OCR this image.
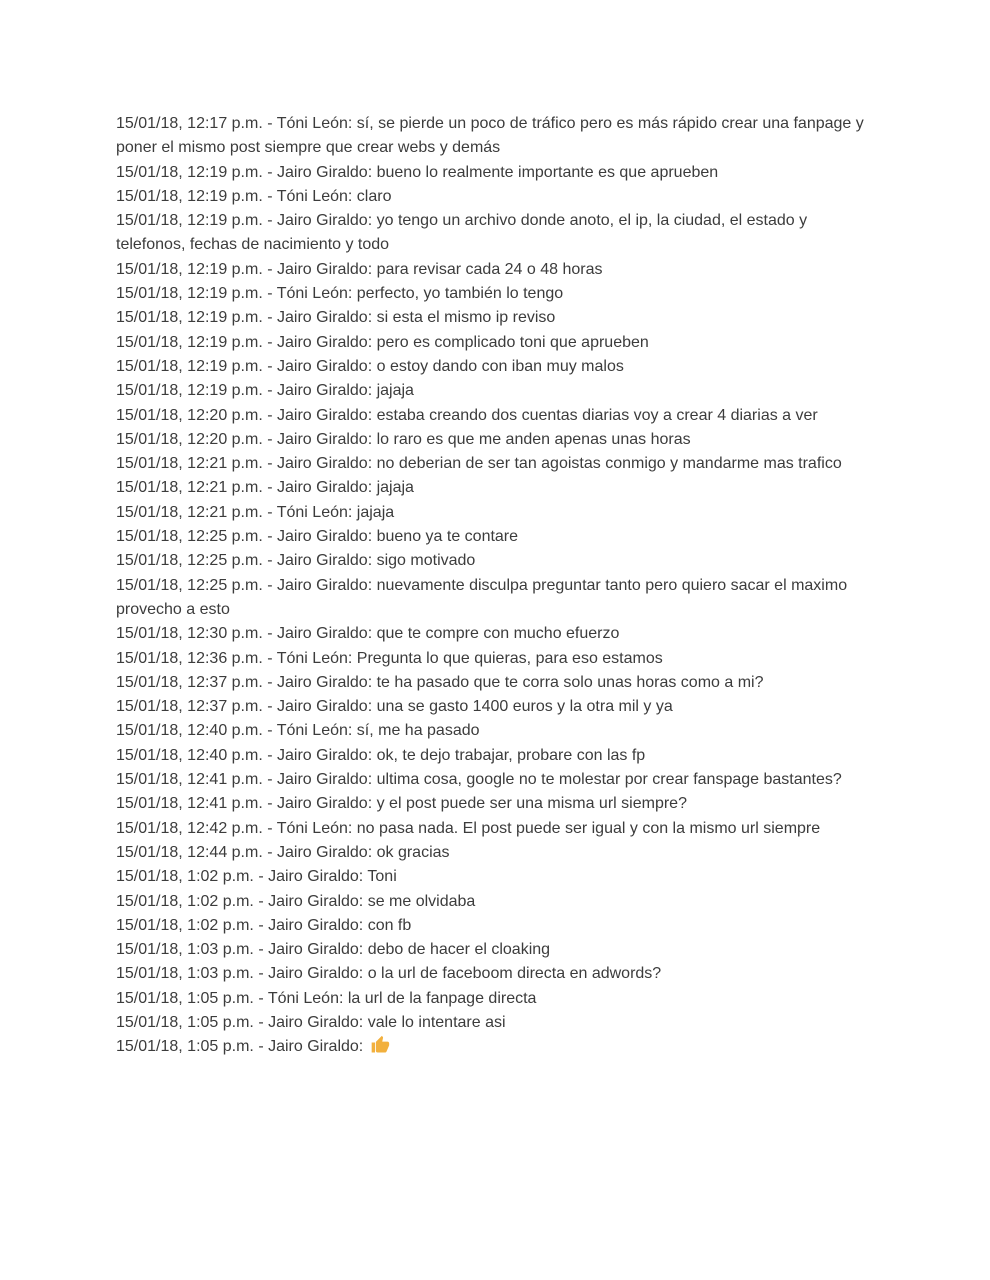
15/01/18, 12:17 p.m. - Tóni León: sí, se pierde un poco de tráfico pero es más rápido crear una fanpage y poner el mismo post siempre que crear webs y demás
15/01/18, 12:19 p.m. - Jairo Giraldo: bueno lo realmente importante es que aprueben
15/01/18, 12:19 p.m. - Tóni León: claro
15/01/18, 12:19 p.m. - Jairo Giraldo: yo tengo un archivo donde anoto, el ip, la ciudad, el estado y telefonos, fechas de nacimiento y todo
15/01/18, 12:19 p.m. - Jairo Giraldo: para revisar cada 24 o 48 horas
15/01/18, 12:19 p.m. - Tóni León: perfecto, yo también lo tengo
15/01/18, 12:19 p.m. - Jairo Giraldo: si esta el mismo ip reviso
15/01/18, 12:19 p.m. - Jairo Giraldo: pero es complicado toni que aprueben
15/01/18, 12:19 p.m. - Jairo Giraldo: o estoy dando con iban muy malos
15/01/18, 12:19 p.m. - Jairo Giraldo: jajaja
15/01/18, 12:20 p.m. - Jairo Giraldo: estaba creando dos cuentas diarias voy a crear 4 diarias a ver
15/01/18, 12:20 p.m. - Jairo Giraldo: lo raro es que me anden apenas unas horas
15/01/18, 12:21 p.m. - Jairo Giraldo: no deberian de ser tan agoistas conmigo y mandarme mas trafico
15/01/18, 12:21 p.m. - Jairo Giraldo: jajaja
15/01/18, 12:21 p.m. - Tóni León: jajaja
15/01/18, 12:25 p.m. - Jairo Giraldo: bueno ya te contare
15/01/18, 12:25 p.m. - Jairo Giraldo: sigo motivado
15/01/18, 12:25 p.m. - Jairo Giraldo: nuevamente disculpa preguntar tanto pero quiero sacar el maximo provecho a esto
15/01/18, 12:30 p.m. - Jairo Giraldo: que te compre con mucho efuerzo
15/01/18, 12:36 p.m. - Tóni León: Pregunta lo que quieras, para eso estamos
15/01/18, 12:37 p.m. - Jairo Giraldo: te ha pasado que te corra solo unas horas como a mi?
15/01/18, 12:37 p.m. - Jairo Giraldo: una se gasto 1400 euros y la otra mil y ya
15/01/18, 12:40 p.m. - Tóni León: sí, me ha pasado
15/01/18, 12:40 p.m. - Jairo Giraldo: ok, te dejo trabajar, probare con las fp
15/01/18, 12:41 p.m. - Jairo Giraldo: ultima cosa, google no te molestar por crear fanspage bastantes?
15/01/18, 12:41 p.m. - Jairo Giraldo: y el post puede ser una misma url siempre?
15/01/18, 12:42 p.m. - Tóni León: no pasa nada. El post puede ser igual y con la mismo url siempre
15/01/18, 12:44 p.m. - Jairo Giraldo: ok gracias
15/01/18, 1:02 p.m. - Jairo Giraldo: Toni
15/01/18, 1:02 p.m. - Jairo Giraldo: se me olvidaba
15/01/18, 1:02 p.m. - Jairo Giraldo: con fb
15/01/18, 1:03 p.m. - Jairo Giraldo: debo de hacer el cloaking
15/01/18, 1:03 p.m. - Jairo Giraldo: o la url de faceboom directa en adwords?
15/01/18, 1:05 p.m. - Tóni León: la url de la fanpage directa
15/01/18, 1:05 p.m. - Jairo Giraldo: vale lo intentare asi
15/01/18, 1:05 p.m. - Jairo Giraldo:
